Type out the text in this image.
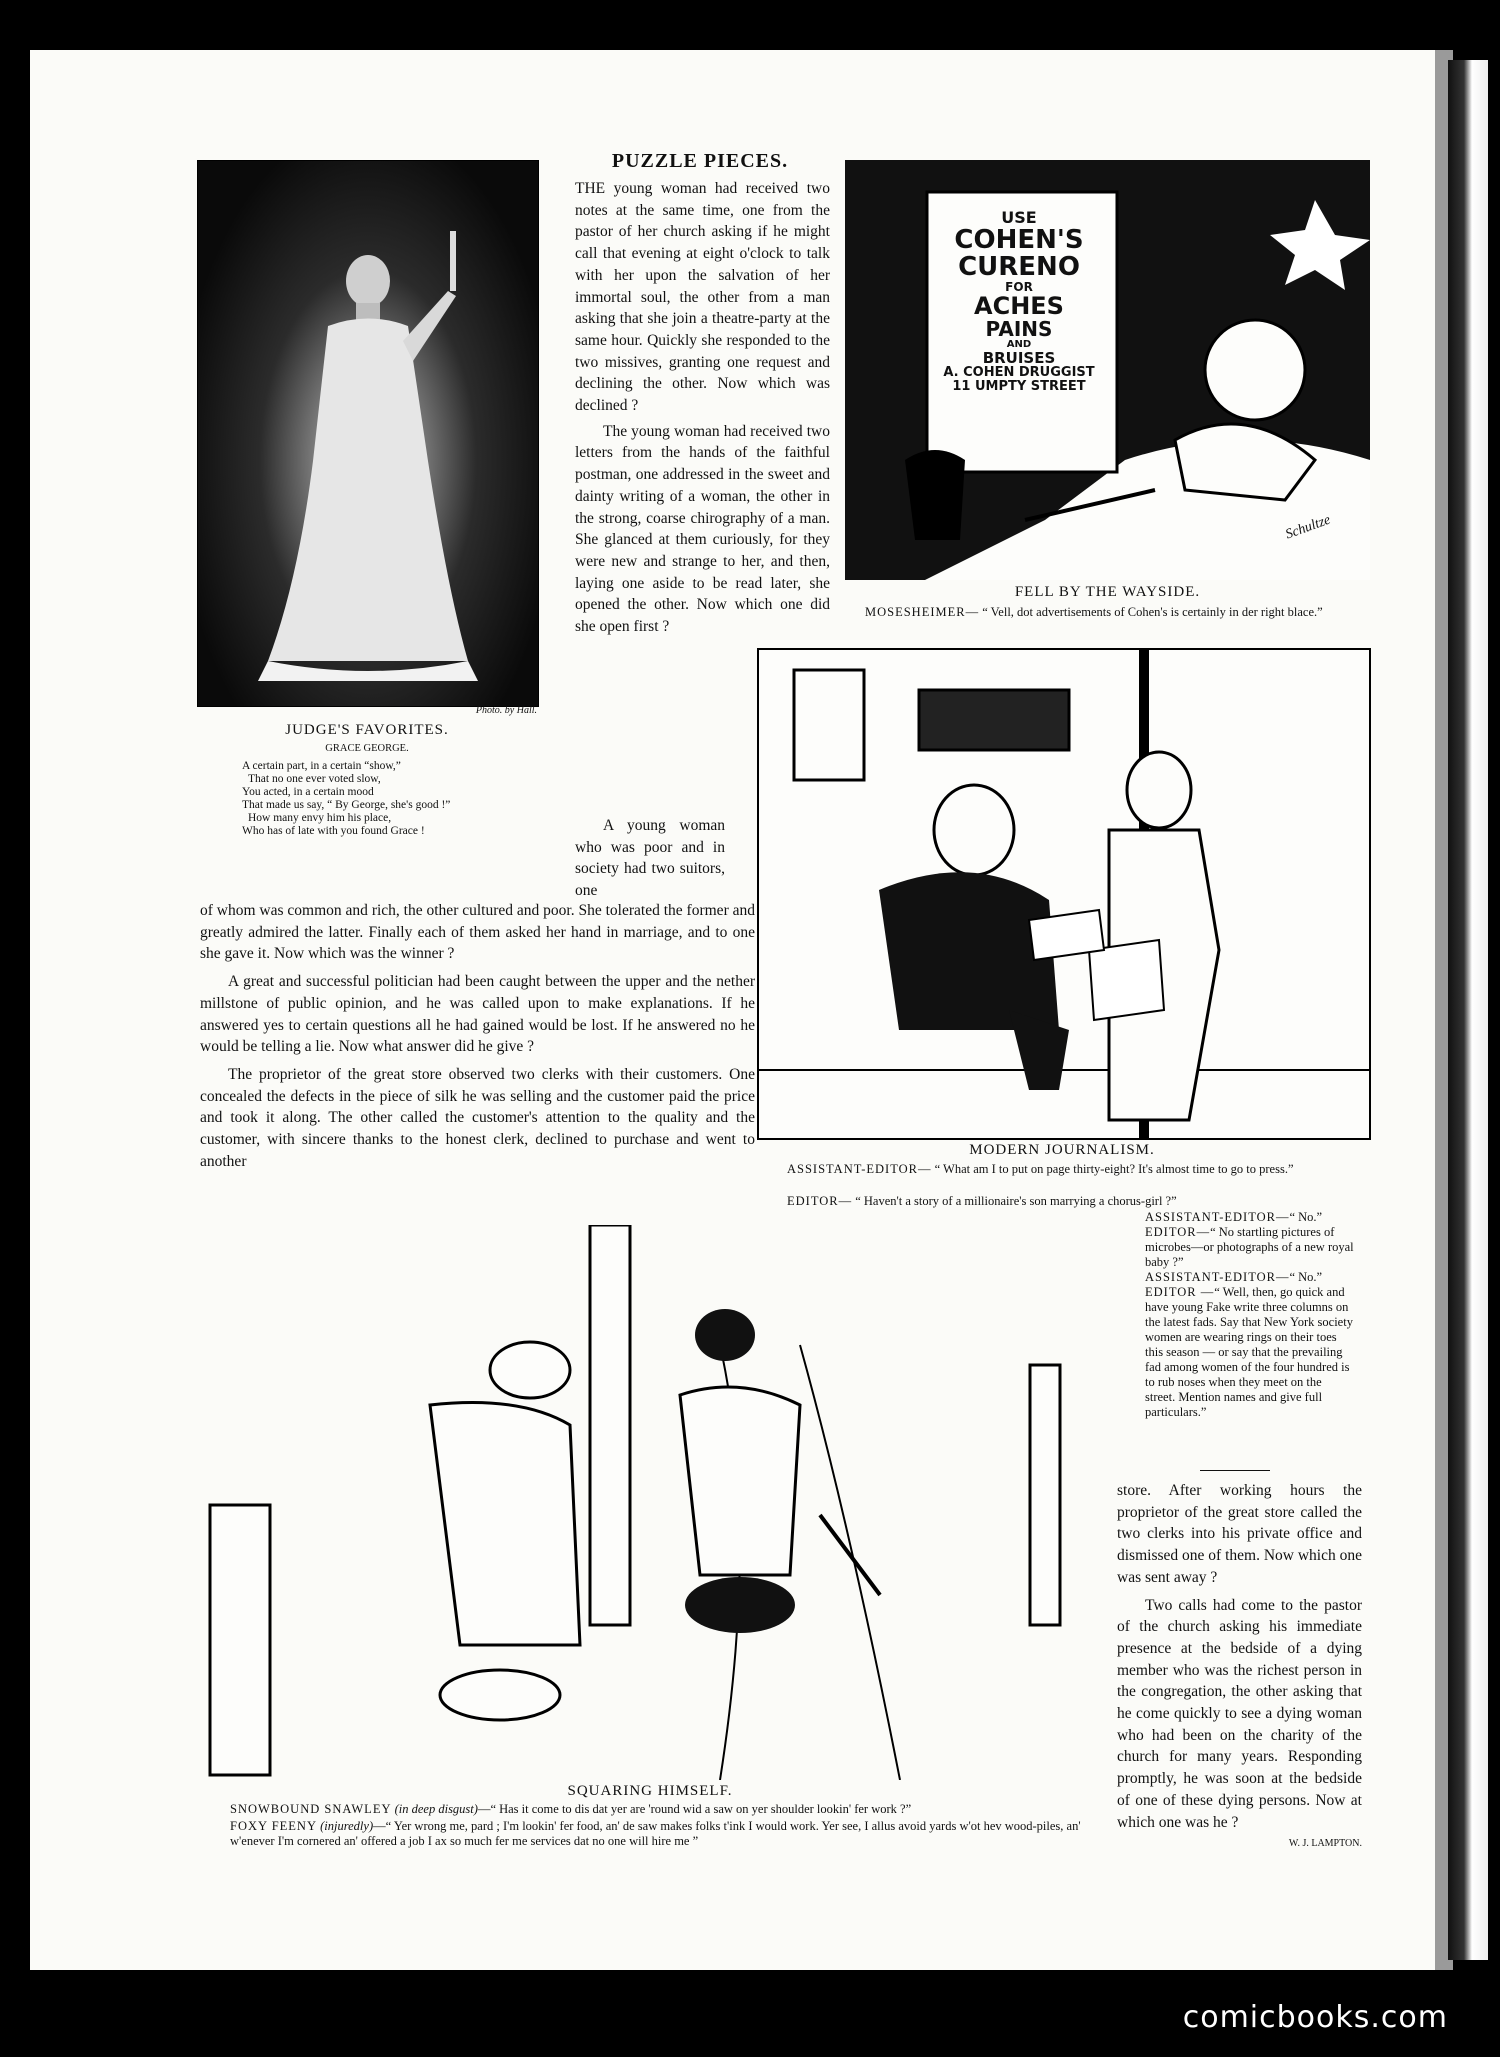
Photo. by Hall.
JUDGE'S FAVORITES.
GRACE GEORGE.
A certain part, in a certain “show,”
That no one ever voted slow,
You acted, in a certain mood
That made us say, “ By George, she's good !”
How many envy him his place,
Who has of late with you found Grace !
PUZZLE PIECES.

THE young woman had received two notes at the same time, one from the pastor of her church asking if he might call that evening at eight o'clock to talk with her upon the salvation of her immortal soul, the other from a man asking that she join a theatre-party at the same hour. Quickly she responded to the two missives, granting one request and declining the other. Now which was declined ?

The young woman had received two letters from the hands of the faithful postman, one addressed in the sweet and dainty writing of a woman, the other in the strong, coarse chirography of a man. She glanced at them curiously, for they were new and strange to her, and then, laying one aside to be read later, she opened the other. Now which one did she open first ?

A young woman who was poor and in society had two suitors, one

of whom was common and rich, the other cultured and poor. She tolerated the former and greatly admired the latter. Finally each of them asked her hand in marriage, and to one she gave it. Now which was the winner ?

A great and successful politician had been caught between the upper and the nether millstone of public opinion, and he was called upon to make explanations. If he answered yes to certain questions all he had gained would be lost. If he answered no he would be telling a lie. Now what answer did he give ?

The proprietor of the great store observed two clerks with their customers. One concealed the defects in the piece of silk he was selling and the customer paid the price and took it along. The other called the customer's attention to the quality and the customer, with sincere thanks to the honest clerk, declined to purchase and went to another

USE
COHEN'S
CURENO
FOR
ACHES
PAINS
AND
BRUISES
A. COHEN DRUGGIST
11 UMPTY STREET
Schultze
FELL BY THE WAYSIDE.
MOSESHEIMER— “ Vell, dot advertisements of Cohen's is certainly in der right blace.”
MODERN JOURNALISM.
ASSISTANT-EDITOR— “ What am I to put on page thirty-eight? It's almost time to go to press.”
EDITOR— “ Haven't a story of a millionaire's son marrying a chorus-girl ?”
ASSISTANT-EDITOR—“ No.”
EDITOR—“ No startling pictures of microbes—or photographs of a new royal baby ?”
ASSISTANT-EDITOR—“ No.”
EDITOR —“ Well, then, go quick and have young Fake write three columns on the latest fads. Say that New York society women are wearing rings on their toes this season — or say that the prevailing fad among women of the four hundred is to rub noses when they meet on the street. Mention names and give full particulars.”
SQUARING HIMSELF.
SNOWBOUND SNAWLEY (in deep disgust)—“ Has it come to dis dat yer are 'round wid a saw on yer shoulder lookin' fer work ?”
FOXY FEENY (injuredly)—“ Yer wrong me, pard ; I'm lookin' fer food, an' de saw makes folks t'ink I would work. Yer see, I allus avoid yards w'ot hev wood-piles, an' w'enever I'm cornered an' offered a job I ax so much fer me services dat no one will hire me ”

store. After working hours the proprietor of the great store called the two clerks into his private office and dismissed one of them. Now which one was sent away ?

Two calls had come to the pastor of the church asking his immediate presence at the bedside of a dying member who was the richest person in the congregation, the other asking that he come quickly to see a dying woman who had been on the charity of the church for many years. Responding promptly, he was soon at the bedside of one of these dying persons. Now at which one was he ?

W. J. LAMPTON.
comicbooks.com
